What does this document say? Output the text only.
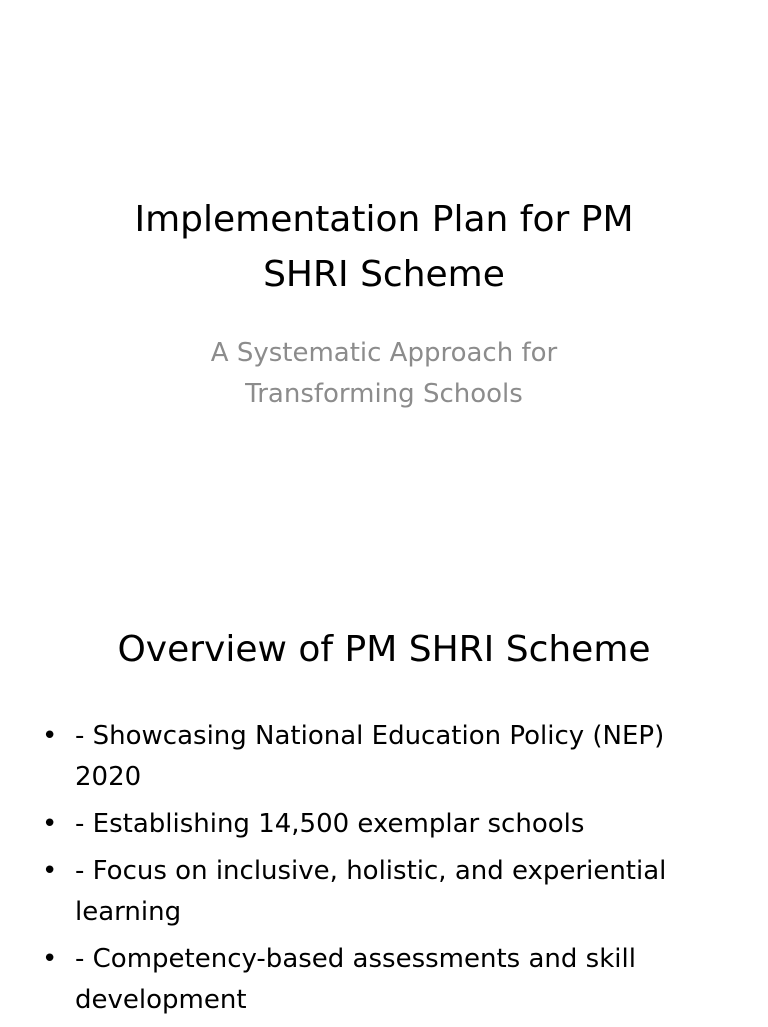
Implementation Plan for PM
SHRI Scheme

A Systematic Approach for
Transforming Schools

Overview of PM SHRI Scheme
• - Showcasing National Education Policy (NEP)
2020
• - Establishing 14,500 exemplar schools
• - Focus on inclusive, holistic, and experiential
learning
• - Competency-based assessments and skill
development
